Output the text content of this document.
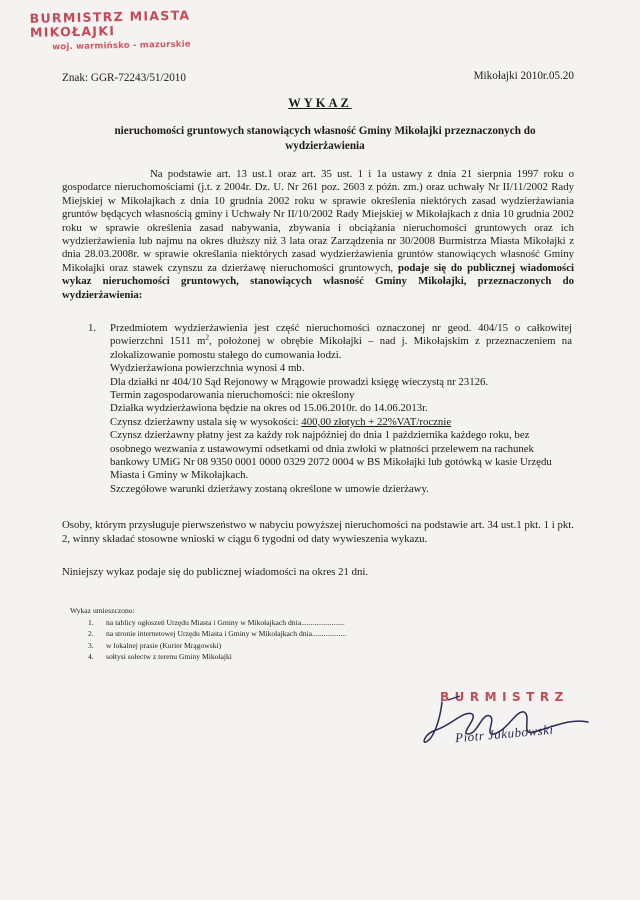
BURMISTRZ MIASTA MIKOŁAJKI
woj. warmińsko - mazurskie
Znak: GGR-72243/51/2010	Mikołajki 2010r.05.20
WYKAZ
nieruchomości gruntowych stanowiących własność Gminy Mikołajki przeznaczonych do wydzierżawienia
Na podstawie art. 13 ust.1 oraz art. 35 ust. 1 i 1a ustawy z dnia 21 sierpnia 1997 roku o gospodarce nieruchomościami (j.t. z 2004r. Dz. U. Nr 261 poz. 2603 z późn. zm.) oraz uchwały Nr II/11/2002 Rady Miejskiej w Mikołajkach z dnia 10 grudnia 2002 roku w sprawie określenia niektórych zasad wydzierżawiania gruntów będących własnością gminy i Uchwały Nr II/10/2002 Rady Miejskiej w Mikołajkach z dnia 10 grudnia 2002 roku w sprawie określenia zasad nabywania, zbywania i obciążania nieruchomości gruntowych oraz ich wydzierżawienia lub najmu na okres dłuższy niż 3 lata oraz Zarządzenia nr 30/2008 Burmistrza Miasta Mikołajki z dnia 28.03.2008r. w sprawie określania niektórych zasad wydzierżawienia gruntów stanowiących własność Gminy Mikołajki oraz stawek czynszu za dzierżawę nieruchomości gruntowych, podaje się do publicznej wiadomości wykaz nieruchomości gruntowych, stanowiących własność Gminy Mikołajki, przeznaczonych do wydzierżawienia:
1. Przedmiotem wydzierżawienia jest część nieruchomości oznaczonej nr geod. 404/15 o całkowitej powierzchni 1511 $m^2$, położonej w obrębie Mikołajki – nad j. Mikołajskim z przeznaczeniem na zlokalizowanie pomostu stałego do cumowania łodzi.

Wydzierżawiona powierzchnia wynosi 4 mb.

Dla działki nr 404/10 Sąd Rejonowy w Mrągowie prowadzi księgę wieczystą nr 23126.

Termin zagospodarowania nieruchomości: nie określony

Działka wydzierżawiona będzie na okres od 15.06.2010r. do 14.06.2013r.

Czynsz dzierżawny ustala się w wysokości: 400,00 złotych + 22%VAT/rocznie

Czynsz dzierżawny płatny jest za każdy rok najpóźniej do dnia 1 października każdego roku, bez osobnego wezwania z ustawowymi odsetkami od dnia zwłoki w płatności przelewem na rachunek bankowy UMiG Nr 08 9350 0001 0000 0329 2072 0004 w BS Mikołajki lub gotówką w kasie Urzędu Miasta i Gminy w Mikołajkach.

Szczegółowe warunki dzierżawy zostaną określone w umowie dzierżawy.

Osoby, którym przysługuje pierwszeństwo w nabyciu powyższej nieruchomości na podstawie art. 34 ust.1 pkt. 1 i pkt. 2, winny składać stosowne wnioski w ciągu 6 tygodni od daty wywieszenia wykazu.
Niniejszy wykaz podaje się do publicznej wiadomości na okres 21 dni.
Wykaz umieszczono:
1. na tablicy ogłoszeń Urzędu Miasta i Gminy w Mikołajkach dnia.......................
2. na stronie internetowej Urzędu Miasta i Gminy w Mikołajkach dnia..................
3. w lokalnej prasie (Kurier Mrągowski)
4. sołtysi sołectw z terenu Gminy Mikołajki
BURMISTRZ
Piotr Jakubowski
